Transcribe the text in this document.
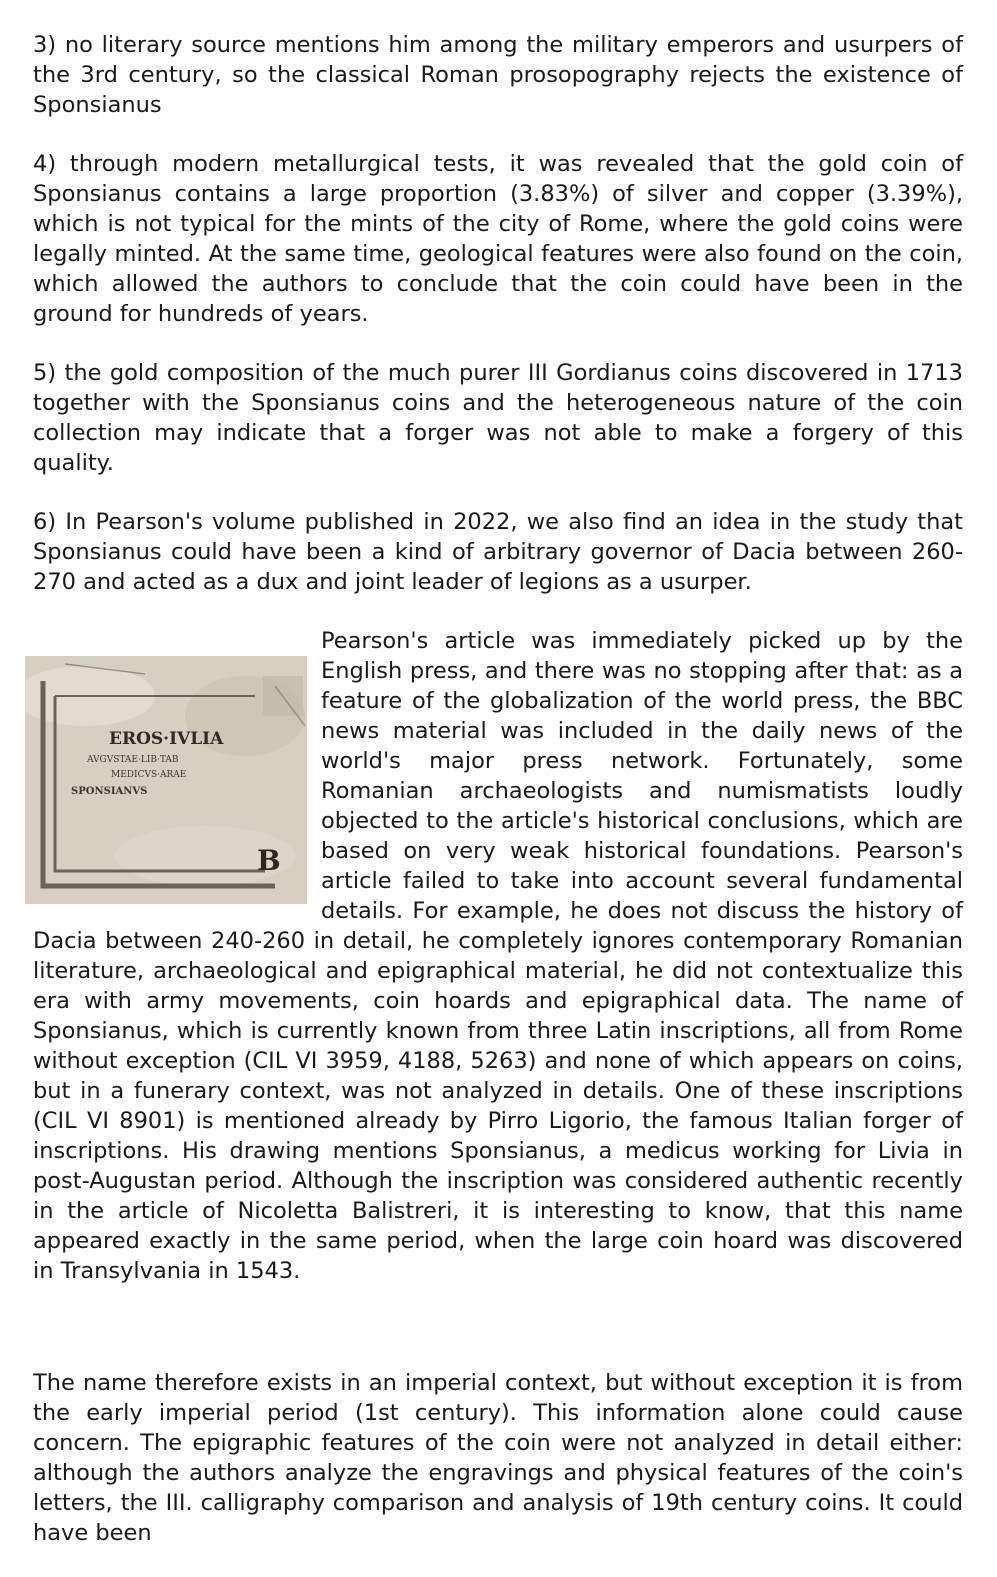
3) no literary source mentions him among the military emperors and usurpers of the 3rd century, so the classical Roman prosopography rejects the existence of Sponsianus

4) through modern metallurgical tests, it was revealed that the gold coin of Sponsianus contains a large proportion (3.83%) of silver and copper (3.39%), which is not typical for the mints of the city of Rome, where the gold coins were legally minted. At the same time, geological features were also found on the coin, which allowed the authors to conclude that the coin could have been in the ground for hundreds of years.

5) the gold composition of the much purer III Gordianus coins discovered in 1713 together with the Sponsianus coins and the heterogeneous nature of the coin collection may indicate that a forger was not able to make a forgery of this quality.

6) In Pearson's volume published in 2022, we also find an idea in the study that Sponsianus could have been a kind of arbitrary governor of Dacia between 260-270 and acted as a dux and joint leader of legions as a usurper.

EROS·IVLIA
AVGVSTAE·LIB·TAB
MEDICVS·ARAE
SPONSIANVS
B
Pearson's article was immediately picked up by the English press, and there was no stopping after that: as a feature of the globalization of the world press, the BBC news material was included in the daily news of the world's major press network. Fortunately, some Romanian archaeologists and numismatists loudly objected to the article's historical conclusions, which are based on very weak historical foundations. Pearson's article failed to take into account several fundamental details. For example, he does not discuss the history of Dacia between 240-260 in detail, he completely ignores contemporary Romanian literature, archaeological and epigraphical material, he did not contextualize this era with army movements, coin hoards and epigraphical data. The name of Sponsianus, which is currently known from three Latin inscriptions, all from Rome without exception (CIL VI 3959, 4188, 5263) and none of which appears on coins, but in a funerary context, was not analyzed in details. One of these inscriptions (CIL VI 8901) is mentioned already by Pirro Ligorio, the famous Italian forger of inscriptions. His drawing mentions Sponsianus, a medicus working for Livia in post-Augustan period. Although the inscription was considered authentic recently in the article of Nicoletta Balistreri, it is interesting to know, that this name appeared exactly in the same period, when the large coin hoard was discovered in Transylvania in 1543.

The name therefore exists in an imperial context, but without exception it is from the early imperial period (1st century). This information alone could cause concern. The epigraphic features of the coin were not analyzed in detail either: although the authors analyze the engravings and physical features of the coin's letters, the III. calligraphy comparison and analysis of 19th century coins. It could have been
